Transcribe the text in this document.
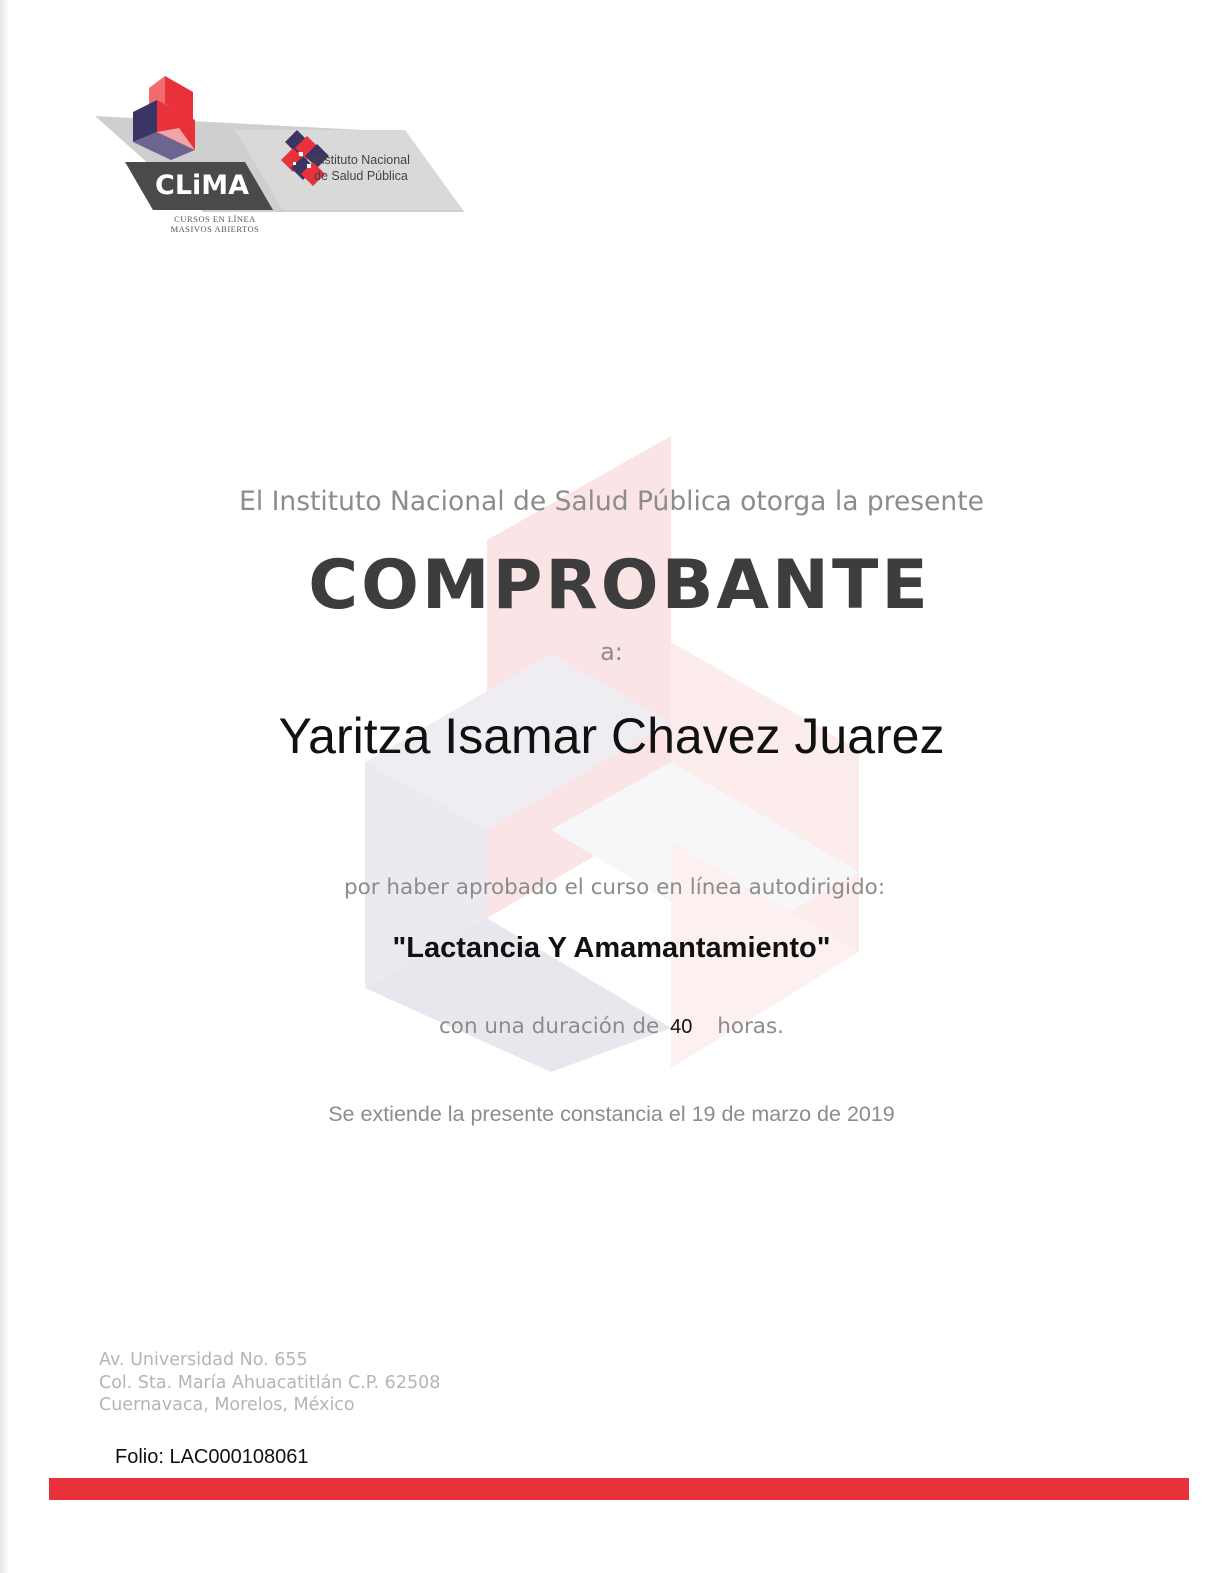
CLiMA
CURSOS EN LÍNEA
MASIVOS ABIERTOS
Instituto Nacional
de Salud Pública
El Instituto Nacional de Salud Pública otorga la presente
COMPROBANTE
a:
Yaritza Isamar Chavez Juarez
por haber aprobado el curso en línea autodirigido:
"Lactancia Y Amamantamiento"
con una duración de 40 horas.
Se extiende la presente constancia el 19 de marzo de 2019
Av. Universidad No. 655
Col. Sta. María Ahuacatitlán C.P. 62508
Cuernavaca, Morelos, México
Folio: LAC000108061
